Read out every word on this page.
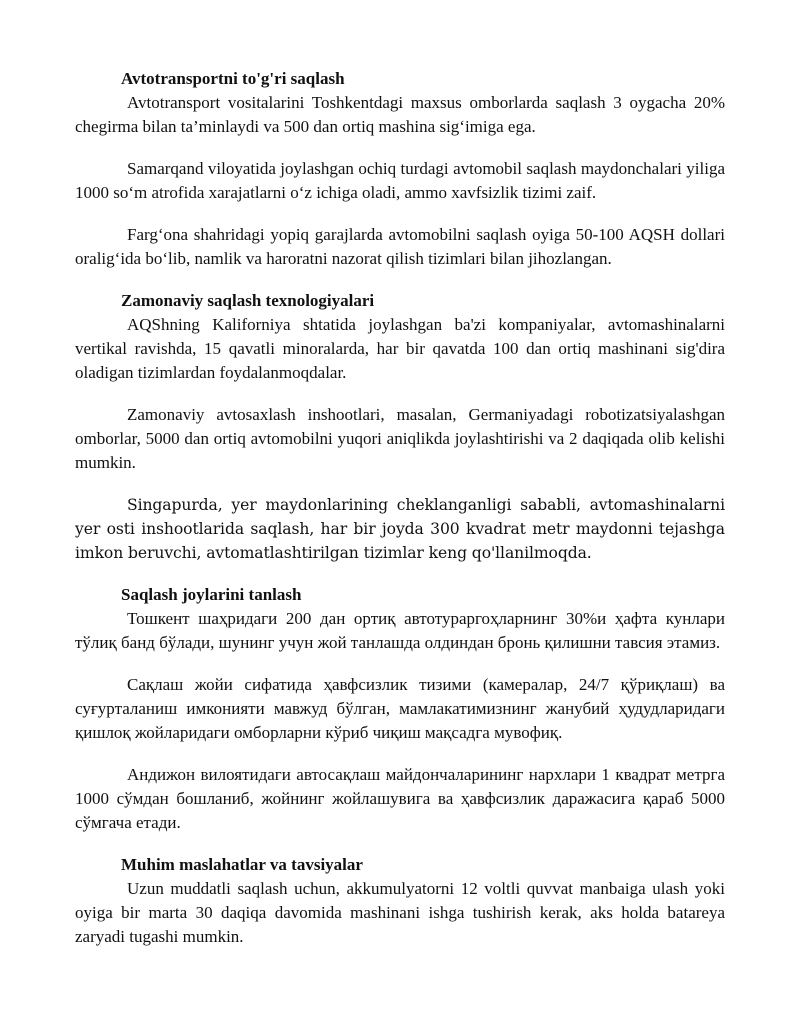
Avtotransportni to'g'ri saqlash

Avtotransport vositalarini Toshkentdagi maxsus omborlarda saqlash 3 oygacha 20% chegirma bilan ta’minlaydi va 500 dan ortiq mashina sig‘imiga ega.

Samarqand viloyatida joylashgan ochiq turdagi avtomobil saqlash maydonchalari yiliga 1000 so‘m atrofida xarajatlarni o‘z ichiga oladi, ammo xavfsizlik tizimi zaif.

Farg‘ona shahridagi yopiq garajlarda avtomobilni saqlash oyiga 50-100 AQSH dollari oralig‘ida bo‘lib, namlik va haroratni nazorat qilish tizimlari bilan jihozlangan.

Zamonaviy saqlash texnologiyalari

AQShning Kaliforniya shtatida joylashgan ba'zi kompaniyalar, avtomashinalarni vertikal ravishda, 15 qavatli minoralarda, har bir qavatda 100 dan ortiq mashinani sig'dira oladigan tizimlardan foydalanmoqdalar.

Zamonaviy avtosaxlash inshootlari, masalan, Germaniyadagi robotizatsiyalashgan omborlar, 5000 dan ortiq avtomobilni yuqori aniqlikda joylashtirishi va 2 daqiqada olib kelishi mumkin.

Singapurda, yer maydonlarining cheklanganligi sababli, avtomashinalarni yer osti inshootlarida saqlash, har bir joyda 300 kvadrat metr maydonni tejashga imkon beruvchi, avtomatlashtirilgan tizimlar keng qo'llanilmoqda.

Saqlash joylarini tanlash

Тошкент шаҳридаги 200 дан ортиқ автотураргоҳларнинг 30%и ҳафта кунлари тўлиқ банд бўлади, шунинг учун жой танлашда олдиндан бронь қилишни тавсия этамиз.

Сақлаш жойи сифатида ҳавфсизлик тизими (камералар, 24/7 қўриқлаш) ва суғурталаниш имконияти мавжуд бўлган, мамлакатимизнинг жанубий ҳудудларидаги қишлоқ жойларидаги омборларни кўриб чиқиш мақсадга мувофиқ.

Андижон вилоятидаги автосақлаш майдончаларининг нархлари 1 квадрат метрга 1000 сўмдан бошланиб, жойнинг жойлашувига ва ҳавфсизлик даражасига қараб 5000 сўмгача етади.

Muhim maslahatlar va tavsiyalar

Uzun muddatli saqlash uchun, akkumulyatorni 12 voltli quvvat manbaiga ulash yoki oyiga bir marta 30 daqiqa davomida mashinani ishga tushirish kerak, aks holda batareya zaryadi tugashi mumkin.
